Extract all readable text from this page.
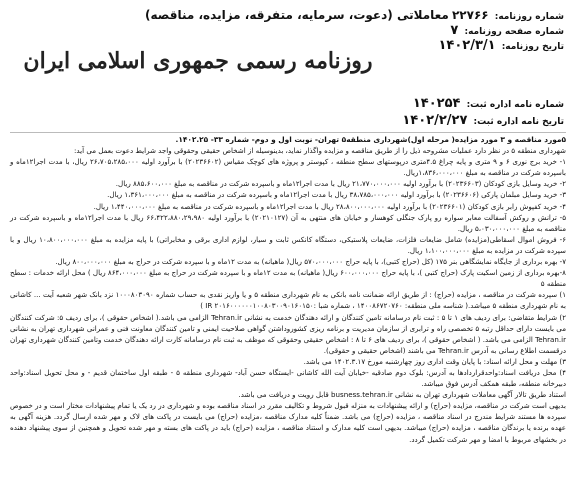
شماره روزنامه: ۲۲۷۶۶ معاملاتی (دعوت، سرمایه، متفرقه، مزایده، مناقصه)
شماره صفحه روزنامه: ۷
تاریخ روزنامه: ۱۴۰۲/۳/۱
روزنامه رسمی جمهوری اسلامی ایران
شماره نامه اداره ثبت: ۱۴۰۲۵۴
تاریخ نامه اداره ثبت: ۱۴۰۲/۲/۲۷

۵مورد مناقصه و ۳ مورد مزایده( مرحله اول)شهرداری منطقه۵ تهران- نوبت اول و دوم- شماره ۳۳- ۱۴۰۲.۲۵.

شهرداری منطقه ۵ در نظر دارد عملیات مشروحه ذیل را از طریق مناقصه و مزایده واگذار نماید، بدینوسیله از اشخاص حقیقی وحقوقی واجد شرایط دعوت بعمل می آید:

۱- خرید برج نوری ۶ و ۹ متری و پایه چراغ ۴.۵متری درپوستهای سطح منطقه ، کپوستر و پروژه های کوچک مقیاس (۲۰۲۳۶۶۰۲) با برآورد اولیه ۲۶،۷۰۵،۲۸۵،۰۰۰ ریال، با مدت اجرا۱۲ماه و باسپرده شرکت در مناقصه به مبلغ ۱،۸۳۶،۰۰۰،۰۰۰ریال.

۲- خرید وسایل بازی کودکان (۲۰۲۳۶۶۰۳) با برآورد اولیه ۲۱،۷۷۰،۰۰۰،۰۰۰ ریال با مدت اجرا۱۲ماه و باسپرده شرکت در مناقصه به مبلغ ۸۸۵،۶۰۰،۰۰۰ ریال.

۳- خرید وسایل مبلمان پارکی (۲۰۲۳۶۶۰۶) با برآورد اولیه ۳۸،۷۸۵،۰۰۰،۰۰۰ ریال با مدت اجرا۱۲ماه و باسپرده شرکت در مناقصه به مبلغ ۱،۳۶۱،۰۰۰،۰۰۰ ریال.

۴- خرید کفپوش رابر بازی کودکان (۲۰۲۳۶۶۰۱) با برآورد اولیه ۲۸،۸۰۰،۰۰۰،۰۰۰ ریال با مدت اجرا۱۲ماه و باسپرده شرکت در مناقصه به مبلغ ۱،۴۴۰،۰۰۰،۰۰۰ ریال.

۵- ترانش و روکش آسفالت معابر سواره رو پارک جنگلی کوهسار و خیابان های منتهی به آن (۲۰۲۱۰۱۲۷) با برآورد اولیه ۶۶،۴۲۲،۸۸۰،۲۹،۹۸۰ ریال با مدت اجرا۱۲ماه و باسپرده شرکت در مناقصه به مبلغ ۵،۰۳۰،۰۰۰،۰۰۰ ریال.

۶- فروش اموال اسقاطی(مزایده) شامل ضایعات فلزات، ضایعات پلاستیکی، دستگاه کانکس ثابت و سیار، لوازم اداری برقی و مخابراتی) با پایه مزایده به مبلغ ۱۰،۸۰۰،۰۰۰،۰۰۰ ریال و با سپرده شرکت در مزایده به مبلغ ۱،۱۰۰،۰۰۰،۰۰۰ ریال.

۷- بهره برداری از جایگاه نمایشگاهی بنر ۱۷۵ (کل (حراج کتبی)، با پایه حراج ۵۷۰،۰۰۰،۰۰۰ ریال( ماهیانه) به مدت ۱۲ماه و با سپرده شرکت در حراج به مبلغ ۸۰۰،۰۰۰،۰۰۰ ریال.

۸-بهره برداری از زمین اسکیت پارک (حراج کتبی )، با پایه حراج ۶۰۰،۰۰۰،۰۰۰ ریال( ماهیانه) به مدت ۱۲ماه و با سپرده شرکت در حراج به مبلغ ۸۶۴،۰۰۰،۰۰۰ ریال ) محل ارائه خدمات : سطح منطقه ۵

۱) سپرده شرکت در مناقصه ، مزایده (حراج) : از طریق ارائه ضمانت نامه بانکی به نام شهرداری منطقه ۵ و یا واریز نقدی به حساب شماره ۱۰۰۰۸۰۳۰۹۰ نزد بانک شهر شعبه آیت ... کاشانی به نام شهرداری منطقه ۵ میباشد.( شناسه ملی منطقه: ۱۴۰۰۸۶۷۲۰۷۶۰ ، شماره شبا :۲۰۱۶۰۰۰۰۰۰۱۰۰۸۰۳۰۰۹۰۱۶۰۱۵۰ IR )

۲) شرایط متقاضی: برای ردیف های ۱ تا ۵ : ثبت نام درسامانه تامین کنندگان و ارائه دهندگان خدمت به نشانی Tehran.ir الزامی می باشد.( اشخاص حقوقی )، برای ردیف ۵: شرکت کنندگان می بایست دارای حداقل رتبه ۵ تخصصی راه و ترابری از سازمان مدیریت و برنامه ریزی کشوروداشتن گواهی صلاحیت ایمنی و تامین کنندگان معاونت فنی و عمرانی شهرداری تهران به نشانی Tehran.ir الزامی می باشد. ( اشخاص حقوقی )، برای ردیف های ۶ تا ۸ : اشخاص حقیقی وحقوقی که موظف به ثبت نام درسامانه کارت ارائه دهندگان خدمت وتامین کنندگان شهرداری تهران درقسمت اطلاع رسانی به آدرس Tehran.ir می باشند (اشخاص حقیقی و حقوقی).

۳) مهلت و محل ارائه اسناد: با پایان وقت اداری روز چهارشنبه مورخ ۱۴۰۲.۳.۱۷ می باشد.

۴) محل دریافت اسناد:واحدقراردادها به آدرس: بلوک دوم صادقیه -خیابان آیت الله کاشانی -ایستگاه حسن آباد- شهرداری منطقه ۵ - طبقه اول ساختمان قدیم - و محل تحویل اسناد:واحد دبیرخانه منطقه، طبقه همکف آدرس فوق میباشد.

استناد طریق تالار آگهی معاملات شهرداری تهران به نشانی busness.tehran.ir قابل رویت و دریافت می باشد.

بدیهی است شرکت در مناقصه، مزایده (حراج) و ارائه پیشنهادات به منزله قبول شروط و تکالیف مقرر در اسناد مناقصه بوده و شهرداری در رد یک یا تمام پیشنهادات مختار است و در خصوص سپرده ها مستند شرایط مندرج در اسناد مناقصه ، مزایده (حراج) می باشد. ضمناً کلیه مدارک مناقصه ،مزایده (حراج) می بایست در پاکت های لاک و مهر شده ارسال گردد. هزینه آگهی به عهده برنده یا برندگان مناقصه ، مزایده (حراج) میباشد. بدیهی است کلیه مدارک و استناد مناقصه ، مزایده (حراج) باید در پاکت های بسته و مهر شده تحویل و همچنین از سوی پیشنهاد دهنده در بخشهای مربوط با امضا و مهر شرکت تکمیل گردد.
